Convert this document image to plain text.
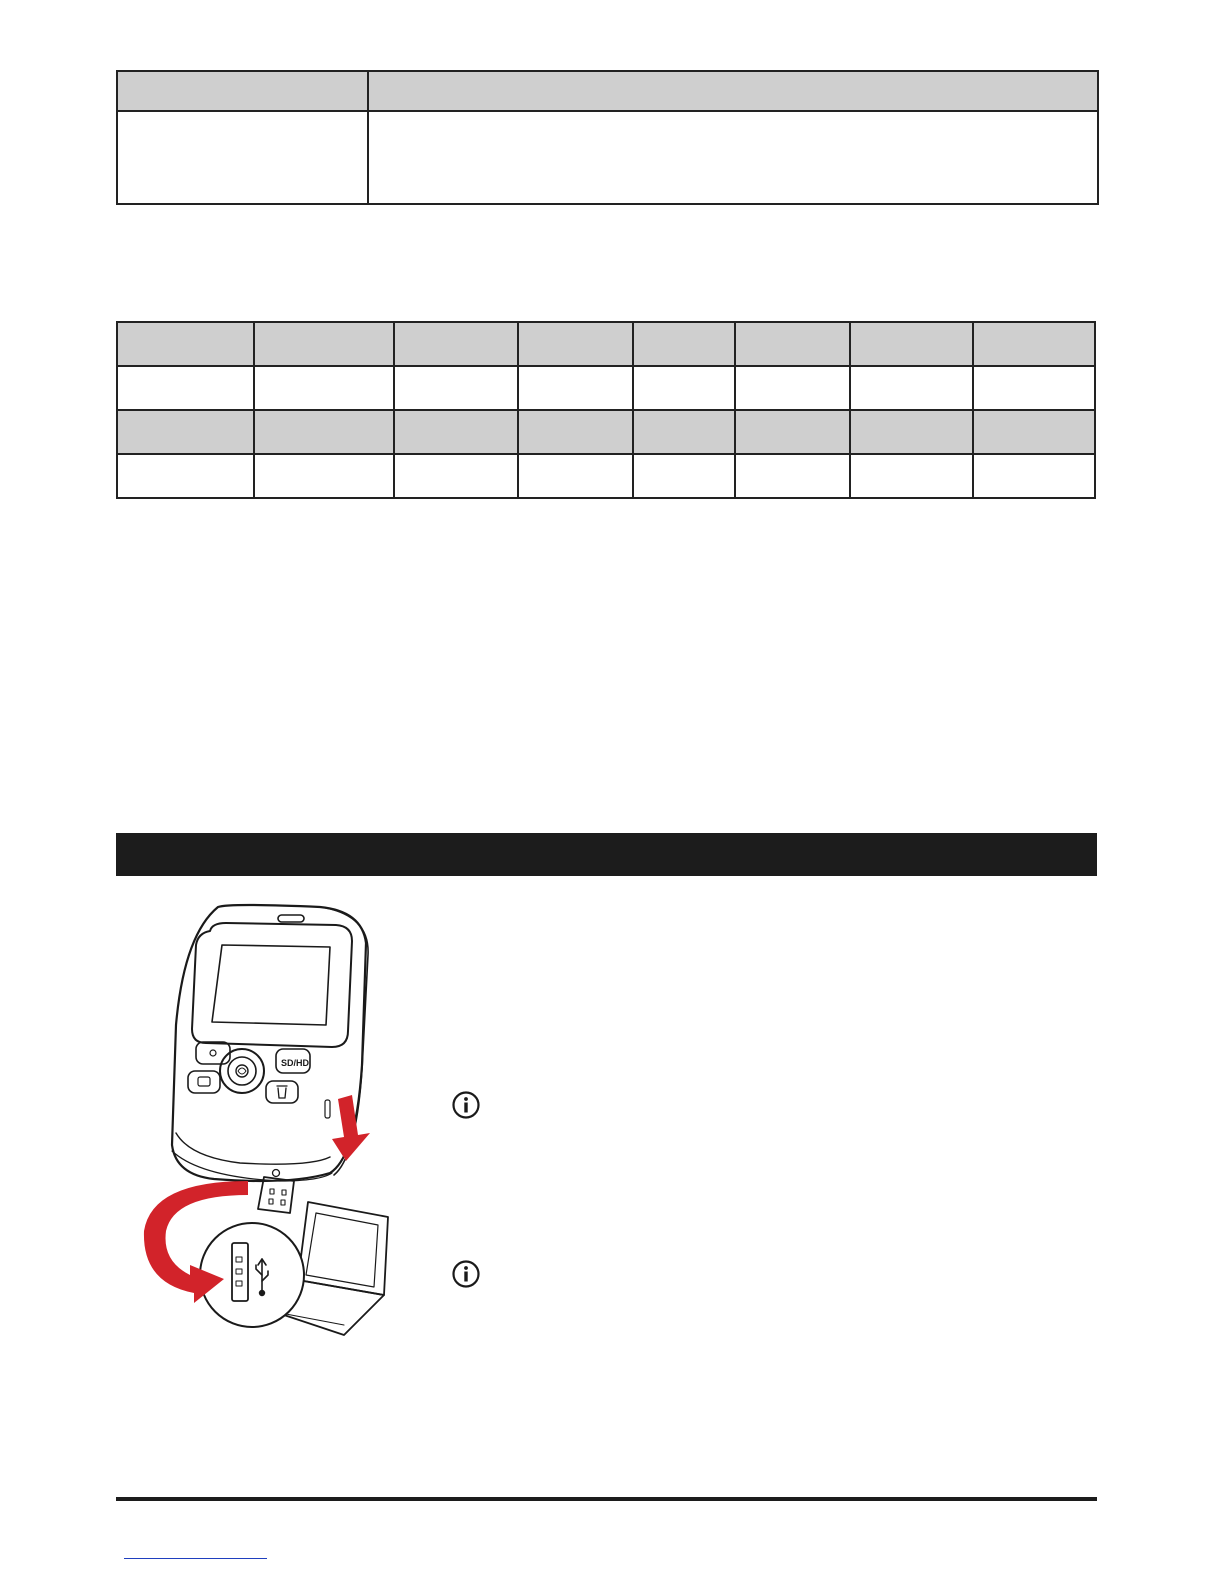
SD/HD
